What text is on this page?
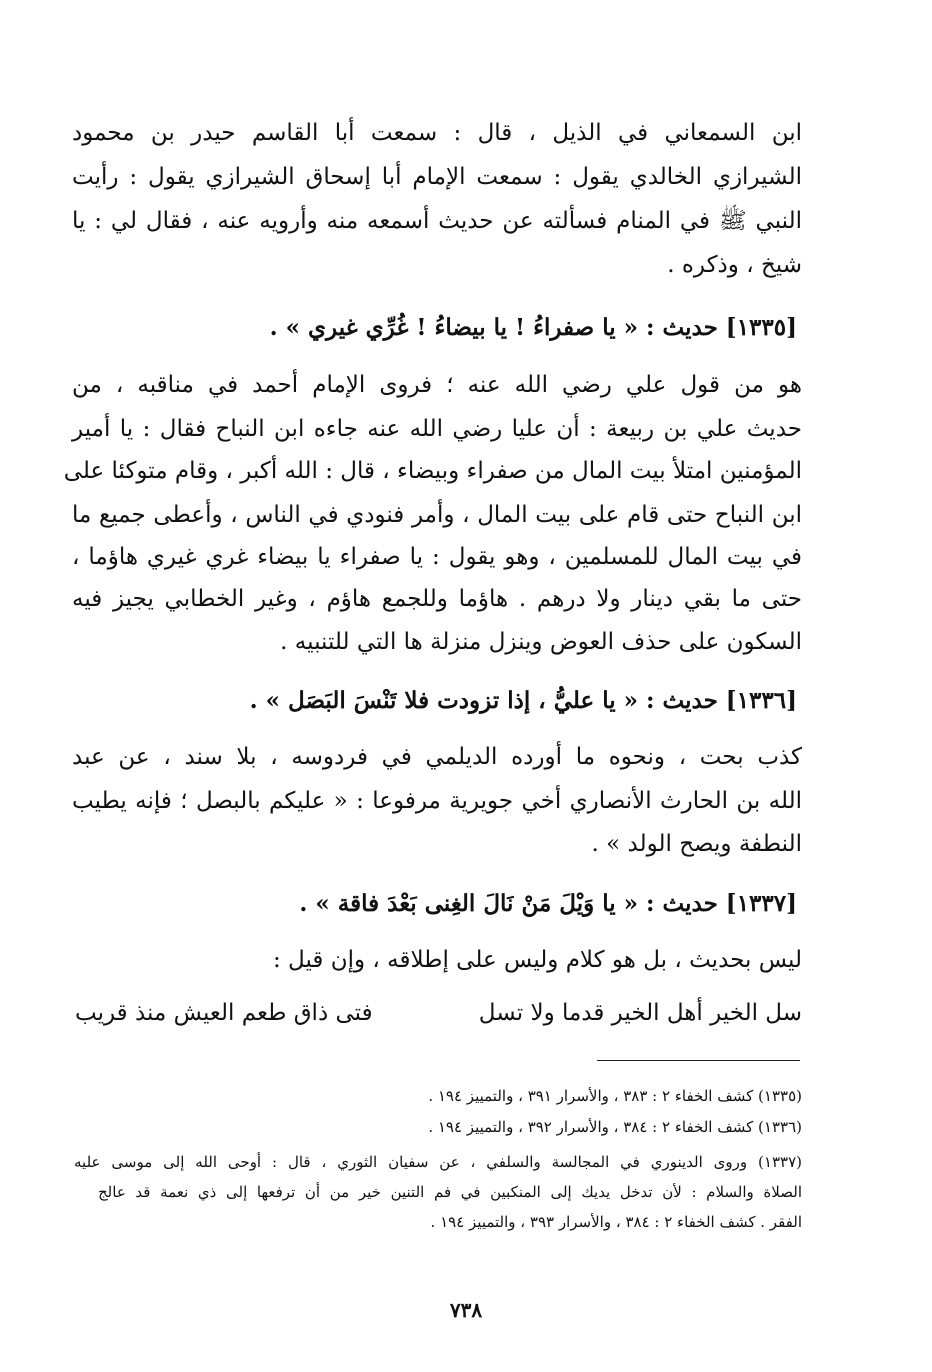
ابن السمعاني في الذيل ، قال : سمعت أبا القاسم حيدر بن محمود

الشيرازي الخالدي يقول : سمعت الإمام أبا إسحاق الشيرازي يقول : رأيت

النبي ﷺ في المنام فسألته عن حديث أسمعه منه وأرويه عنه ، فقال لي : يا

شيخ ، وذكره .

[١٣٣٥] حديث : « يا صفراءُ ! يا بيضاءُ ! غُرِّي غيري » .

هو من قول علي رضي الله عنه ؛ فروى الإمام أحمد في مناقبه ، من

حديث علي بن ربيعة : أن عليا رضي الله عنه جاءه ابن النباح فقال : يا أمير

المؤمنين امتلأ بيت المال من صفراء وبيضاء ، قال : الله أكبر ، وقام متوكئا على

ابن النباح حتى قام على بيت المال ، وأمر فنودي في الناس ، وأعطى جميع ما

في بيت المال للمسلمين ، وهو يقول : يا صفراء يا بيضاء غري غيري هاؤما ،

حتى ما بقي دينار ولا درهم . هاؤما وللجمع هاؤم ، وغير الخطابي يجيز فيه

السكون على حذف العوض وينزل منزلة ها التي للتنبيه .

[١٣٣٦] حديث : « يا عليُّ ، إذا تزودت فلا تَنْسَ البَصَل » .

كذب بحت ، ونحوه ما أورده الديلمي في فردوسه ، بلا سند ، عن عبد

الله بن الحارث الأنصاري أخي جويرية مرفوعا : « عليكم بالبصل ؛ فإنه يطيب

النطفة ويصح الولد » .

[١٣٣٧] حديث : « يا وَيْلَ مَنْ نَالَ الغِنى بَعْدَ فاقة » .

ليس بحديث ، بل هو كلام وليس على إطلاقه ، وإن قيل :

سل الخير أهل الخير قدما ولا تسل
فتى ذاق طعم العيش منذ قريب
(١٣٣٥) كشف الخفاء ٢ : ٣٨٣ ، والأسرار ٣٩١ ، والتمييز ١٩٤ .
(١٣٣٦) كشف الخفاء ٢ : ٣٨٤ ، والأسرار ٣٩٢ ، والتمييز ١٩٤ .
(١٣٣٧) وروى الدينوري في المجالسة والسلفي ، عن سفيان الثوري ، قال : أوحى الله إلى موسى عليه
الصلاة والسلام : لأن تدخل يديك إلى المنكبين في فم التنين خير من أن ترفعها إلى ذي نعمة قد عالج
الفقر . كشف الخفاء ٢ : ٣٨٤ ، والأسرار ٣٩٣ ، والتمييز ١٩٤ .
٧٣٨
